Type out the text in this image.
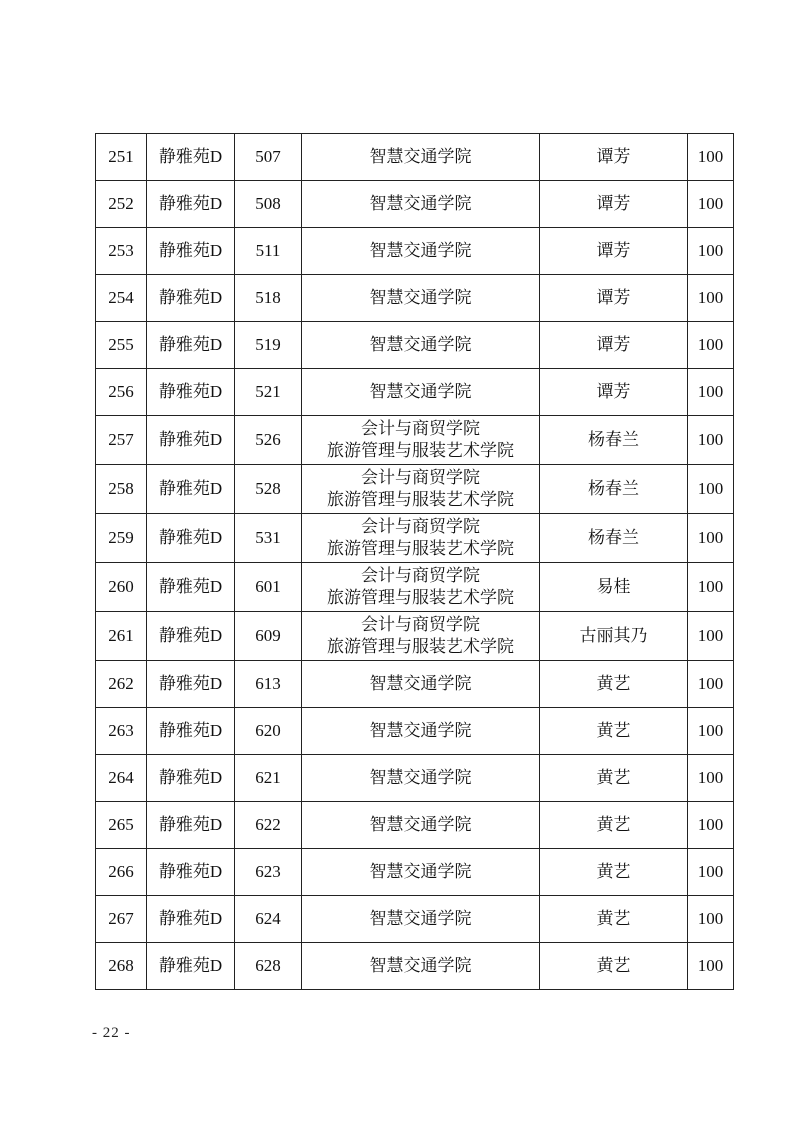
251	静雅苑D	507	智慧交通学院	谭芳	100
252	静雅苑D	508	智慧交通学院	谭芳	100
253	静雅苑D	511	智慧交通学院	谭芳	100
254	静雅苑D	518	智慧交通学院	谭芳	100
255	静雅苑D	519	智慧交通学院	谭芳	100
256	静雅苑D	521	智慧交通学院	谭芳	100
257	静雅苑D	526	会计与商贸学院
旅游管理与服装艺术学院	杨春兰	100
258	静雅苑D	528	会计与商贸学院
旅游管理与服装艺术学院	杨春兰	100
259	静雅苑D	531	会计与商贸学院
旅游管理与服装艺术学院	杨春兰	100
260	静雅苑D	601	会计与商贸学院
旅游管理与服装艺术学院	易桂	100
261	静雅苑D	609	会计与商贸学院
旅游管理与服装艺术学院	古丽其乃	100
262	静雅苑D	613	智慧交通学院	黄艺	100
263	静雅苑D	620	智慧交通学院	黄艺	100
264	静雅苑D	621	智慧交通学院	黄艺	100
265	静雅苑D	622	智慧交通学院	黄艺	100
266	静雅苑D	623	智慧交通学院	黄艺	100
267	静雅苑D	624	智慧交通学院	黄艺	100
268	静雅苑D	628	智慧交通学院	黄艺	100
- 22 -
